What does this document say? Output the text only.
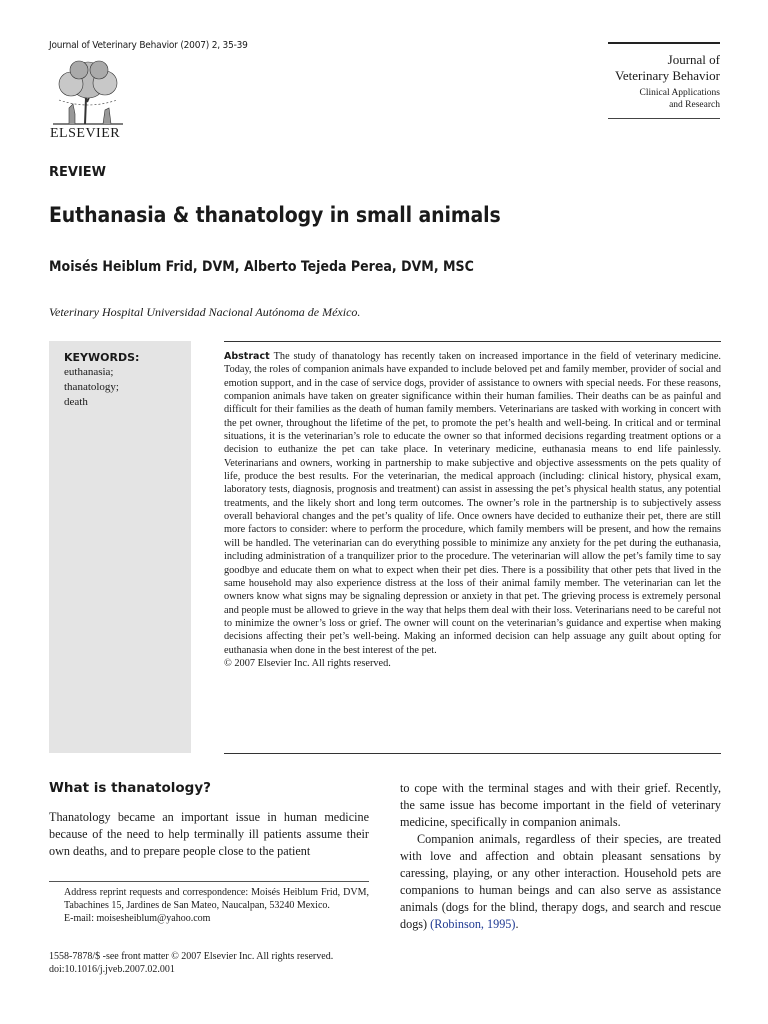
Journal of Veterinary Behavior (2007) 2, 35-39
ELSEVIER
Journal of
Veterinary Behavior
Clinical Applications
and Research
REVIEW
Euthanasia & thanatology in small animals
Moisés Heiblum Frid, DVM, Alberto Tejeda Perea, DVM, MSC
Veterinary Hospital Universidad Nacional Autónoma de México.
KEYWORDS:
euthanasia;
thanatology;
death
Abstract The study of thanatology has recently taken on increased importance in the field of veterinary medicine. Today, the roles of companion animals have expanded to include beloved pet and family member, provider of social and emotion support, and in the case of service dogs, provider of assistance to owners with special needs. For these reasons, companion animals have taken on greater significance within their human families. Their deaths can be as painful and difficult for their families as the death of human family members. Veterinarians are tasked with working in concert with the pet owner, throughout the lifetime of the pet, to promote the pet’s health and well-being. In critical and or terminal situations, it is the veterinarian’s role to educate the owner so that informed decisions regarding treatment options or a decision to euthanize the pet can take place. In veterinary medicine, euthanasia means to end life painlessly. Veterinarians and owners, working in partnership to make subjective and objective assessments on the pets quality of life, produce the best results. For the veterinarian, the medical approach (including: clinical history, physical exam, laboratory tests, diagnosis, prognosis and treatment) can assist in assessing the pet’s physical health status, any potential treatments, and the likely short and long term outcomes. The owner’s role in the partnership is to subjectively assess overall behavioral changes and the pet’s quality of life. Once owners have decided to euthanize their pet, there are still more factors to consider: where to perform the procedure, which family members will be present, and how the remains will be handled. The veterinarian can do everything possible to minimize any anxiety for the pet during the euthanasia, including administration of a tranquilizer prior to the procedure. The veterinarian will allow the pet’s family time to say goodbye and educate them on what to expect when their pet dies. There is a possibility that other pets that lived in the same household may also experience distress at the loss of their animal family member. The veterinarian can let the owners know what signs may be signaling depression or anxiety in that pet. The grieving process is extremely personal and people must be allowed to grieve in the way that helps them deal with their loss. Veterinarians need to be careful not to minimize the owner’s loss or grief. The owner will count on the veterinarian’s guidance and expertise when making decisions affecting their pet’s well-being. Making an informed decision can help assuage any guilt about opting for euthanasia when done in the best interest of the pet.
© 2007 Elsevier Inc. All rights reserved.
What is thanatology?
Thanatology became an important issue in human medicine because of the need to help terminally ill patients assume their own deaths, and to prepare people close to the patient
Address reprint requests and correspondence: Moisés Heiblum Frid, DVM, Tabachines 15, Jardines de San Mateo, Naucalpan, 53240 Mexico.
E-mail: moisesheiblum@yahoo.com
1558-7878/$ -see front matter © 2007 Elsevier Inc. All rights reserved.
doi:10.1016/j.jveb.2007.02.001
to cope with the terminal stages and with their grief. Recently, the same issue has become important in the field of veterinary medicine, specifically in companion animals.
Companion animals, regardless of their species, are treated with love and affection and obtain pleasant sensations by caressing, playing, or any other interaction. Household pets are companions to human beings and can also serve as assistance animals (dogs for the blind, therapy dogs, and search and rescue dogs) (Robinson, 1995).
